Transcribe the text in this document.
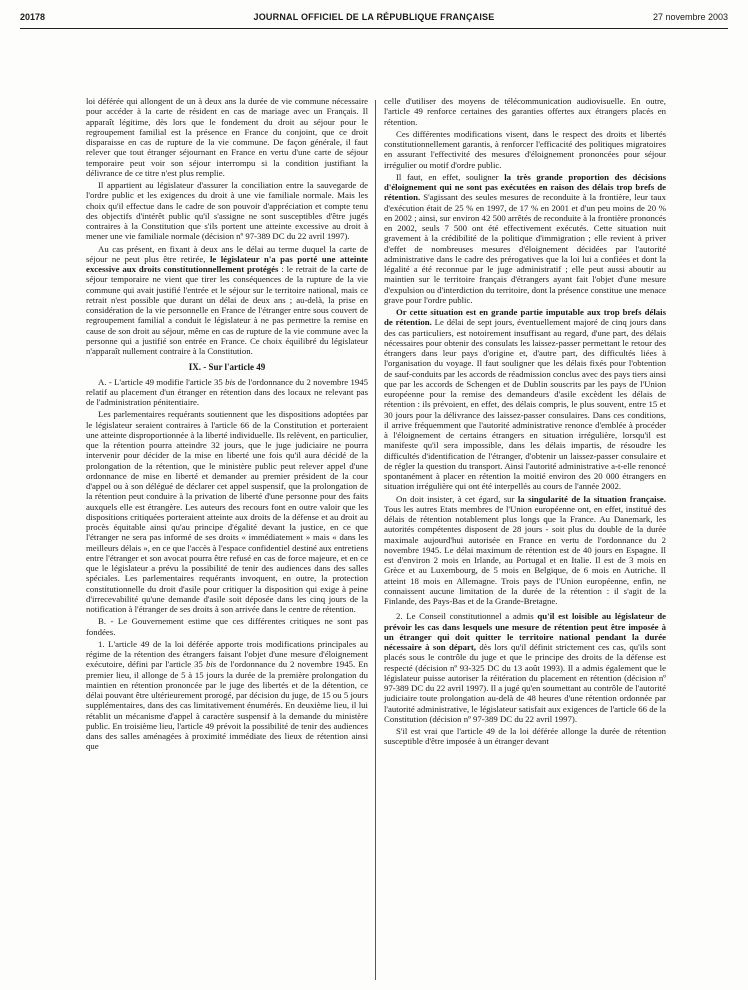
20178	JOURNAL OFFICIEL DE LA RÉPUBLIQUE FRANÇAISE	27 novembre 2003

loi déférée qui allongent de un à deux ans la durée de vie commune nécessaire pour accéder à la carte de résident en cas de mariage avec un Français. Il apparaît légitime, dès lors que le fondement du droit au séjour pour le regroupement familial est la présence en France du conjoint, que ce droit disparaisse en cas de rupture de la vie commune. De façon générale, il faut relever que tout étranger séjournant en France en vertu d'une carte de séjour temporaire peut voir son séjour interrompu si la condition justifiant la délivrance de ce titre n'est plus remplie.

Il appartient au législateur d'assurer la conciliation entre la sauvegarde de l'ordre public et les exigences du droit à une vie familiale normale. Mais les choix qu'il effectue dans le cadre de son pouvoir d'appréciation et compte tenu des objectifs d'intérêt public qu'il s'assigne ne sont susceptibles d'être jugés contraires à la Constitution que s'ils portent une atteinte excessive au droit à mener une vie familiale normale (décision nº 97-389 DC du 22 avril 1997).

Au cas présent, en fixant à deux ans le délai au terme duquel la carte de séjour ne peut plus être retirée, le législateur n'a pas porté une atteinte excessive aux droits constitutionnellement protégés : le retrait de la carte de séjour temporaire ne vient que tirer les conséquences de la rupture de la vie commune qui avait justifié l'entrée et le séjour sur le territoire national, mais ce retrait n'est possible que durant un délai de deux ans ; au-delà, la prise en considération de la vie personnelle en France de l'étranger entre sous couvert de regroupement familial a conduit le législateur à ne pas permettre la remise en cause de son droit au séjour, même en cas de rupture de la vie commune avec la personne qui a justifié son entrée en France. Ce choix équilibré du législateur n'apparaît nullement contraire à la Constitution.

IX. - Sur l'article 49

A. - L'article 49 modifie l'article 35 bis de l'ordonnance du 2 novembre 1945 relatif au placement d'un étranger en rétention dans des locaux ne relevant pas de l'administration pénitentiaire.

Les parlementaires requérants soutiennent que les dispositions adoptées par le législateur seraient contraires à l'article 66 de la Constitution et porteraient une atteinte disproportionnée à la liberté individuelle. Ils relèvent, en particulier, que la rétention pourra atteindre 32 jours, que le juge judiciaire ne pourra intervenir pour décider de la mise en liberté une fois qu'il aura décidé de la prolongation de la rétention, que le ministère public peut relever appel d'une ordonnance de mise en liberté et demander au premier président de la cour d'appel ou à son délégué de déclarer cet appel suspensif, que la prolongation de la rétention peut conduire à la privation de liberté d'une personne pour des faits auxquels elle est étrangère. Les auteurs des recours font en outre valoir que les dispositions critiquées porteraient atteinte aux droits de la défense et au droit au procès équitable ainsi qu'au principe d'égalité devant la justice, en ce que l'étranger ne sera pas informé de ses droits « immédiatement » mais « dans les meilleurs délais », en ce que l'accès à l'espace confidentiel destiné aux entretiens entre l'étranger et son avocat pourra être refusé en cas de force majeure, et en ce que le législateur a prévu la possibilité de tenir des audiences dans des salles spéciales. Les parlementaires requérants invoquent, en outre, la protection constitutionnelle du droit d'asile pour critiquer la disposition qui exige à peine d'irrecevabilité qu'une demande d'asile soit déposée dans les cinq jours de la notification à l'étranger de ses droits à son arrivée dans le centre de rétention.

B. - Le Gouvernement estime que ces différentes critiques ne sont pas fondées.

1. L'article 49 de la loi déférée apporte trois modifications principales au régime de la rétention des étrangers faisant l'objet d'une mesure d'éloignement exécutoire, défini par l'article 35 bis de l'ordonnance du 2 novembre 1945. En premier lieu, il allonge de 5 à 15 jours la durée de la première prolongation du maintien en rétention prononcée par le juge des libertés et de la détention, ce délai pouvant être ultérieurement prorogé, par décision du juge, de 15 ou 5 jours supplémentaires, dans des cas limitativement énumérés. En deuxième lieu, il lui rétablit un mécanisme d'appel à caractère suspensif à la demande du ministère public. En troisième lieu, l'article 49 prévoit la possibilité de tenir des audiences dans des salles aménagées à proximité immédiate des lieux de rétention ainsi que

celle d'utiliser des moyens de télécommunication audiovisuelle. En outre, l'article 49 renforce certaines des garanties offertes aux étrangers placés en rétention.

Ces différentes modifications visent, dans le respect des droits et libertés constitutionnellement garantis, à renforcer l'efficacité des politiques migratoires en assurant l'effectivité des mesures d'éloignement prononcées pour séjour irrégulier ou motif d'ordre public.

Il faut, en effet, souligner la très grande proportion des décisions d'éloignement qui ne sont pas exécutées en raison des délais trop brefs de rétention. S'agissant des seules mesures de reconduite à la frontière, leur taux d'exécution était de 25 % en 1997, de 17 % en 2001 et d'un peu moins de 20 % en 2002 ; ainsi, sur environ 42 500 arrêtés de reconduite à la frontière prononcés en 2002, seuls 7 500 ont été effectivement exécutés. Cette situation nuit gravement à la crédibilité de la politique d'immigration ; elle revient à priver d'effet de nombreuses mesures d'éloignement décidées par l'autorité administrative dans le cadre des prérogatives que la loi lui a confiées et dont la légalité a été reconnue par le juge administratif ; elle peut aussi aboutir au maintien sur le territoire français d'étrangers ayant fait l'objet d'une mesure d'expulsion ou d'interdiction du territoire, dont la présence constitue une menace grave pour l'ordre public.

Or cette situation est en grande partie imputable aux trop brefs délais de rétention. Le délai de sept jours, éventuellement majoré de cinq jours dans des cas particuliers, est notoirement insuffisant au regard, d'une part, des délais nécessaires pour obtenir des consulats les laissez-passer permettant le retour des étrangers dans leur pays d'origine et, d'autre part, des difficultés liées à l'organisation du voyage. Il faut souligner que les délais fixés pour l'obtention de sauf-conduits par les accords de réadmission conclus avec des pays tiers ainsi que par les accords de Schengen et de Dublin souscrits par les pays de l'Union européenne pour la remise des demandeurs d'asile excèdent les délais de rétention : ils prévoient, en effet, des délais compris, le plus souvent, entre 15 et 30 jours pour la délivrance des laissez-passer consulaires. Dans ces conditions, il arrive fréquemment que l'autorité administrative renonce d'emblée à procéder à l'éloignement de certains étrangers en situation irrégulière, lorsqu'il est manifeste qu'il sera impossible, dans les délais impartis, de résoudre les difficultés d'identification de l'étranger, d'obtenir un laissez-passer consulaire et de régler la question du transport. Ainsi l'autorité administrative a-t-elle renoncé spontanément à placer en rétention la moitié environ des 20 000 étrangers en situation irrégulière qui ont été interpellés au cours de l'année 2002.

On doit insister, à cet égard, sur la singularité de la situation française. Tous les autres Etats membres de l'Union européenne ont, en effet, institué des délais de rétention notablement plus longs que la France. Au Danemark, les autorités compétentes disposent de 28 jours - soit plus du double de la durée maximale aujourd'hui autorisée en France en vertu de l'ordonnance du 2 novembre 1945. Le délai maximum de rétention est de 40 jours en Espagne. Il est d'environ 2 mois en Irlande, au Portugal et en Italie. Il est de 3 mois en Grèce et au Luxembourg, de 5 mois en Belgique, de 6 mois en Autriche. Il atteint 18 mois en Allemagne. Trois pays de l'Union européenne, enfin, ne connaissent aucune limitation de la durée de la rétention : il s'agit de la Finlande, des Pays-Bas et de la Grande-Bretagne.

2. Le Conseil constitutionnel a admis qu'il est loisible au législateur de prévoir les cas dans lesquels une mesure de rétention peut être imposée à un étranger qui doit quitter le territoire national pendant la durée nécessaire à son départ, dès lors qu'il définit strictement ces cas, qu'ils sont placés sous le contrôle du juge et que le principe des droits de la défense est respecté (décision nº 93-325 DC du 13 août 1993). Il a admis également que le législateur puisse autoriser la réitération du placement en rétention (décision nº 97-389 DC du 22 avril 1997). Il a jugé qu'en soumettant au contrôle de l'autorité judiciaire toute prolongation au-delà de 48 heures d'une rétention ordonnée par l'autorité administrative, le législateur satisfait aux exigences de l'article 66 de la Constitution (décision nº 97-389 DC du 22 avril 1997).

S'il est vrai que l'article 49 de la loi déférée allonge la durée de rétention susceptible d'être imposée à un étranger devant
